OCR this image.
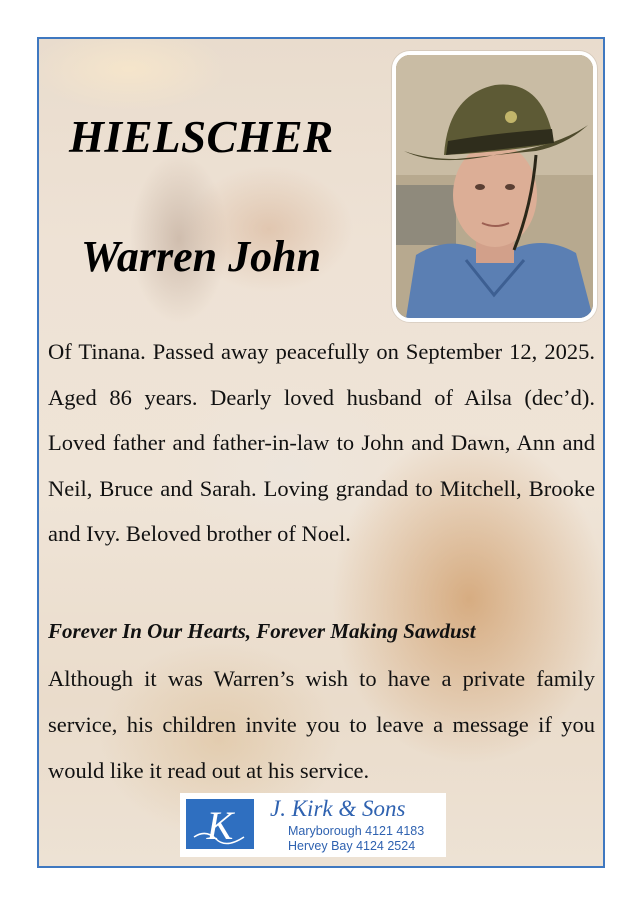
HIELSCHER
Warren John

Of Tinana. Passed away peacefully on September 12, 2025. Aged 86 years. Dearly loved husband of Ailsa (dec’d). Loved father and father-in-law to John and Dawn, Ann and Neil, Bruce and Sarah. Loving grandad to Mitchell, Brooke and Ivy. Beloved brother of Noel.

Forever In Our Hearts, Forever Making Sawdust
Although it was Warren’s wish to have a private family service, his children invite you to leave a message if you would like it read out at his service.
K J. Kirk & Sons
Maryborough 4121 4183
Hervey Bay 4124 2524
